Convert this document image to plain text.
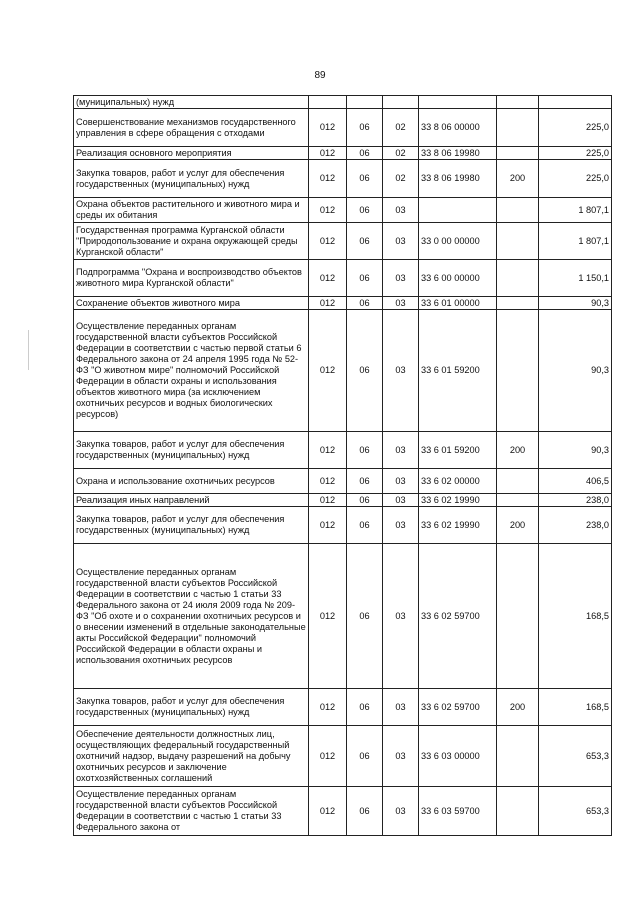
89
(муниципальных) нужд						
Совершенствование механизмов государственного управления в сфере обращения с отходами	012	06	02	33 8 06 00000		225,0
Реализация основного мероприятия	012	06	02	33 8 06 19980		225,0
Закупка товаров, работ и услуг для обеспечения государственных (муниципальных) нужд	012	06	02	33 8 06 19980	200	225,0
Охрана объектов растительного и животного мира и среды их обитания	012	06	03			1 807,1
Государственная программа Курганской области "Природопользование и охрана окружающей среды Курганской области"	012	06	03	33 0 00 00000		1 807,1
Подпрограмма "Охрана и воспроизводство объектов животного мира Курганской области"	012	06	03	33 6 00 00000		1 150,1
Сохранение объектов животного мира	012	06	03	33 6 01 00000		90,3
Осуществление переданных органам государственной власти субъектов Российской Федерации в соответствии с частью первой статьи 6 Федерального закона от 24 апреля 1995 года № 52-ФЗ "О животном мире" полномочий Российской Федерации в области охраны и использования объектов животного мира (за исключением охотничьих ресурсов и водных биологических ресурсов)	012	06	03	33 6 01 59200		90,3
Закупка товаров, работ и услуг для обеспечения государственных (муниципальных) нужд	012	06	03	33 6 01 59200	200	90,3
Охрана и использование охотничьих ресурсов	012	06	03	33 6 02 00000		406,5
Реализация иных направлений	012	06	03	33 6 02 19990		238,0
Закупка товаров, работ и услуг для обеспечения государственных (муниципальных) нужд	012	06	03	33 6 02 19990	200	238,0
Осуществление переданных органам государственной власти субъектов Российской Федерации в соответствии с частью 1 статьи 33 Федерального закона от 24 июля 2009 года № 209-ФЗ "Об охоте и о сохранении охотничьих ресурсов и о внесении изменений в отдельные законодательные акты Российской Федерации" полномочий Российской Федерации в области охраны и использования охотничьих ресурсов	012	06	03	33 6 02 59700		168,5
Закупка товаров, работ и услуг для обеспечения государственных (муниципальных) нужд	012	06	03	33 6 02 59700	200	168,5
Обеспечение деятельности должностных лиц, осуществляющих федеральный государственный охотничий надзор, выдачу разрешений на добычу охотничьих ресурсов и заключение охотхозяйственных соглашений	012	06	03	33 6 03 00000		653,3
Осуществление переданных органам государственной власти субъектов Российской Федерации в соответствии с частью 1 статьи 33 Федерального закона от	012	06	03	33 6 03 59700		653,3
